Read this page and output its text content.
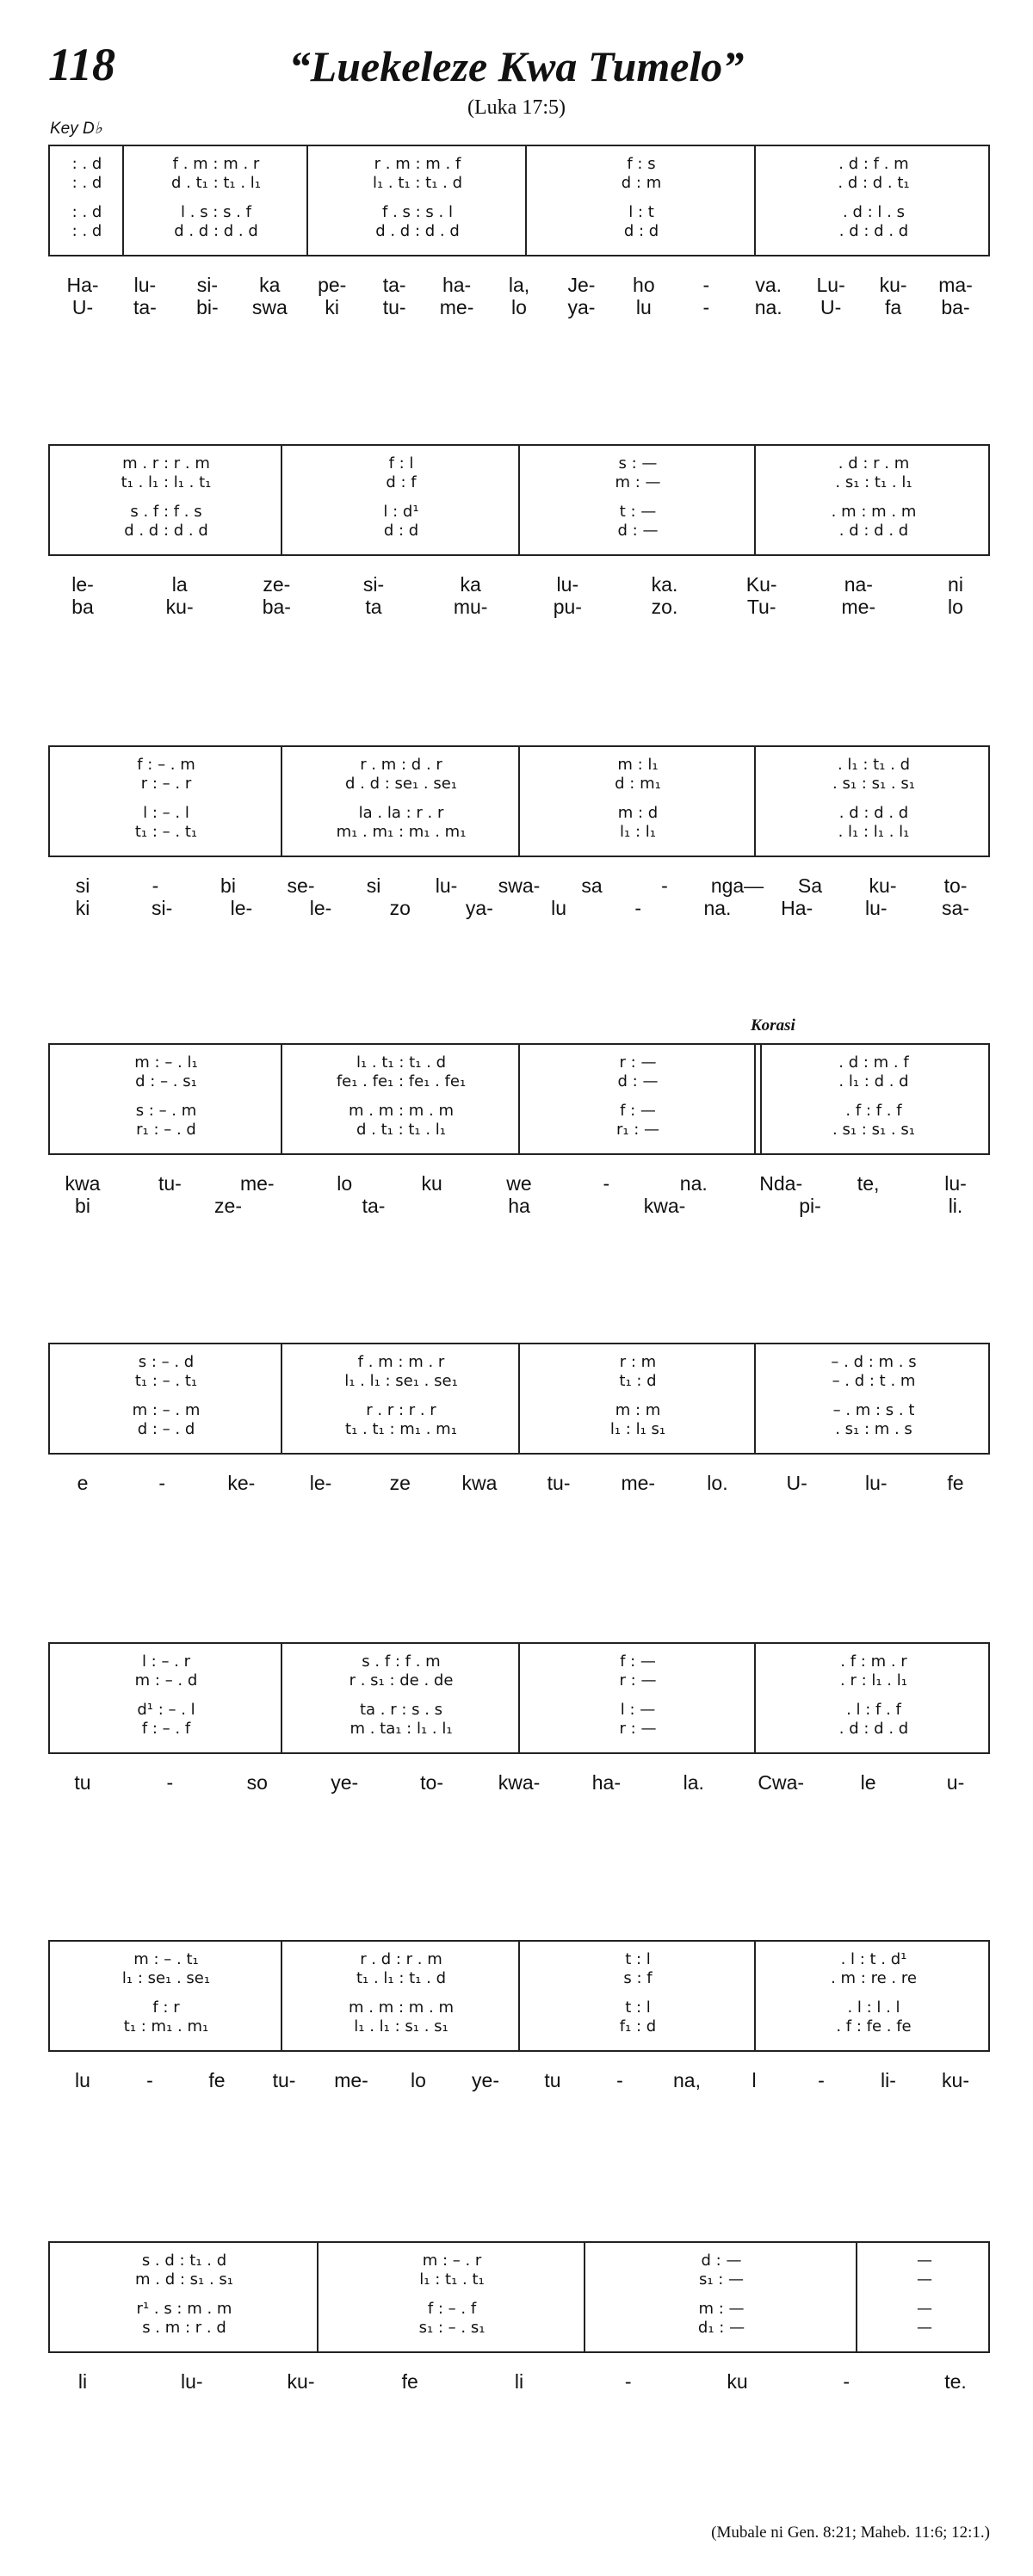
118	“Luekeleze Kwa Tumelo”
(Luka 17:5)
Key D♭
Korasi
: . d	f . m : m . r	r . m : m . f	f : s	. d : f . m
: . d	d . t₁ : t₁ . l₁	l₁ . t₁ : t₁ . d	d : m	. d : d . t₁
: . d	l . s : s . f	f . s : s . l	l : t	. d : l . s
: . d	d . d : d . d	d . d : d . d	d : d	. d : d . d
Ha- lu- si- ka pe- ta- ha- la, Je- ho - va. Lu- ku- ma-
U- ta- bi- swa ki tu- me- lo ya- lu	- na. U- fa ba-
m . r : r . m	f : l	s : —	. d : r . m
t₁ . l₁ : l₁ . t₁	d : f	m : —	. s₁ : t₁ . l₁
s . f : f . s	l : d¹	t : —	. m : m . m
d . d : d . d	d : d	d : —	. d : d . d
le-	la	ze-	si-	ka	lu-	ka.	Ku-	na-	ni
ba	ku-	ba-	ta	mu-	pu-	zo.	Tu-	me-	lo
f : – . m	r . m : d . r	m : l₁	. l₁ : t₁ . d
r : – . r	d . d : se₁ . se₁	d : m₁	. s₁ : s₁ . s₁
l : – . l	la . la : r . r	m : d	. d : d . d
t₁ : – . t₁	m₁ . m₁ : m₁ . m₁	l₁ : l₁	. l₁ : l₁ . l₁
si	-	bi	se-	si	lu- swa- sa	- nga— Sa ku- to-
ki	si-	le-	le-	zo	ya-	lu	-	na.	Ha-	lu-	sa-
m : – . l₁	l₁ . t₁ : t₁ . d	r : —	. d : m . f
d : – . s₁	fe₁ . fe₁ : fe₁ . fe₁	d : —	. l₁ : d . d
s : – . m	m . m : m . m	f : —	. f : f . f
r₁ : – . d	d . t₁ : t₁ . l₁	r₁ : —	. s₁ : s₁ . s₁
kwa	tu-	me-	lo	ku	we	-	na.	Nda-	te,	lu-
bi	ze-	ta-	ha	kwa-	pi-	li.
s : – . d	f . m : m . r	r : m	– . d : m . s
t₁ : – . t₁	l₁ . l₁ : se₁ . se₁	t₁ : d	– . d : t . m
m : – . m	r . r : r . r	m : m	– . m : s . t
d : – . d	t₁ . t₁ : m₁ . m₁	l₁ : l₁ s₁	. s₁ : m . s
e	-	ke-	le-	ze	kwa	tu-	me-	lo.	U-	lu-	fe
l : – . r	s . f : f . m	f : —	. f : m . r
m : – . d	r . s₁ : de . de	r : —	. r : l₁ . l₁
d¹ : – . l	ta . r : s . s	l : —	. l : f . f
f : – . f	m . ta₁ : l₁ . l₁	r : —	. d : d . d
tu	-	so	ye-	to-	kwa-	ha-	la.	Cwa-	le	u-
m : – . t₁	r . d : r . m	t : l	. l : t . d¹
l₁ : se₁ . se₁	t₁ . l₁ : t₁ . d	s : f	. m : re . re
f : r	m . m : m . m	t : l	. l : l . l
t₁ : m₁ . m₁	l₁ . l₁ : s₁ . s₁	f₁ : d	. f : fe . fe
lu	-	fe tu- me- lo ye- tu	-	na,	l	-	li- ku-
s . d : t₁ . d	m : – . r	d : —	—
m . d : s₁ . s₁	l₁ : t₁ . t₁	s₁ : —	—
r¹ . s : m . m	f : – . f	m : —	—
s . m : r . d	s₁ : – . s₁	d₁ : —	—
li	lu-	ku-	fe	li	-	ku	-	te.
(Mubale ni Gen. 8:21; Maheb. 11:6; 12:1.)
